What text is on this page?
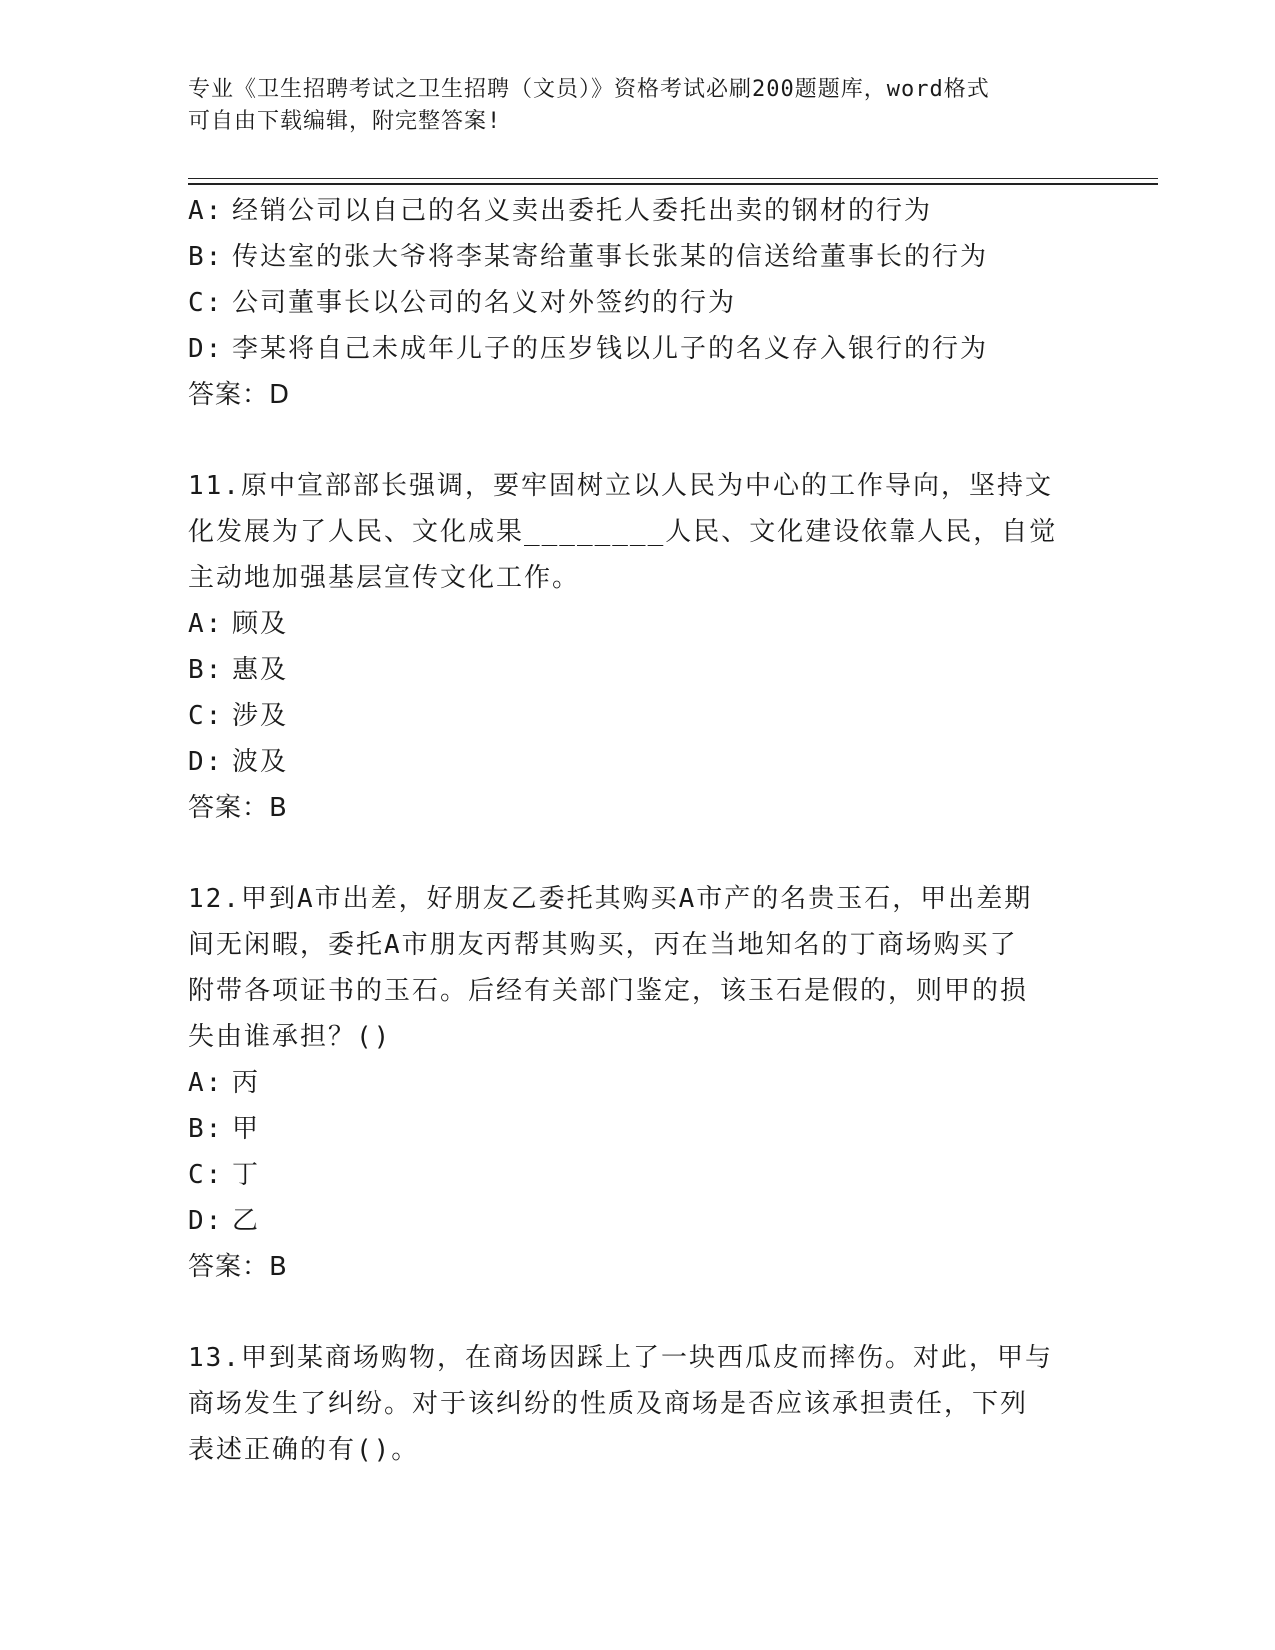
专业《卫生招聘考试之卫生招聘（文员）》资格考试必刷200题题库，word格式
可自由下载编辑，附完整答案!
A: 经销公司以自己的名义卖出委托人委托出卖的钢材的行为
B: 传达室的张大爷将李某寄给董事长张某的信送给董事长的行为
C: 公司董事长以公司的名义对外签约的行为
D: 李某将自己未成年儿子的压岁钱以儿子的名义存入银行的行为
答案：D
11.原中宣部部长强调，要牢固树立以人民为中心的工作导向，坚持文
化发展为了人民、文化成果________人民、文化建设依靠人民，自觉
主动地加强基层宣传文化工作。
A: 顾及
B: 惠及
C: 涉及
D: 波及
答案：B
12.甲到A市出差，好朋友乙委托其购买A市产的名贵玉石，甲出差期
间无闲暇，委托A市朋友丙帮其购买，丙在当地知名的丁商场购买了
附带各项证书的玉石。后经有关部门鉴定，该玉石是假的，则甲的损
失由谁承担？()
A: 丙
B: 甲
C: 丁
D: 乙
答案：B
13.甲到某商场购物，在商场因踩上了一块西瓜皮而摔伤。对此，甲与
商场发生了纠纷。对于该纠纷的性质及商场是否应该承担责任，下列
表述正确的有()。
